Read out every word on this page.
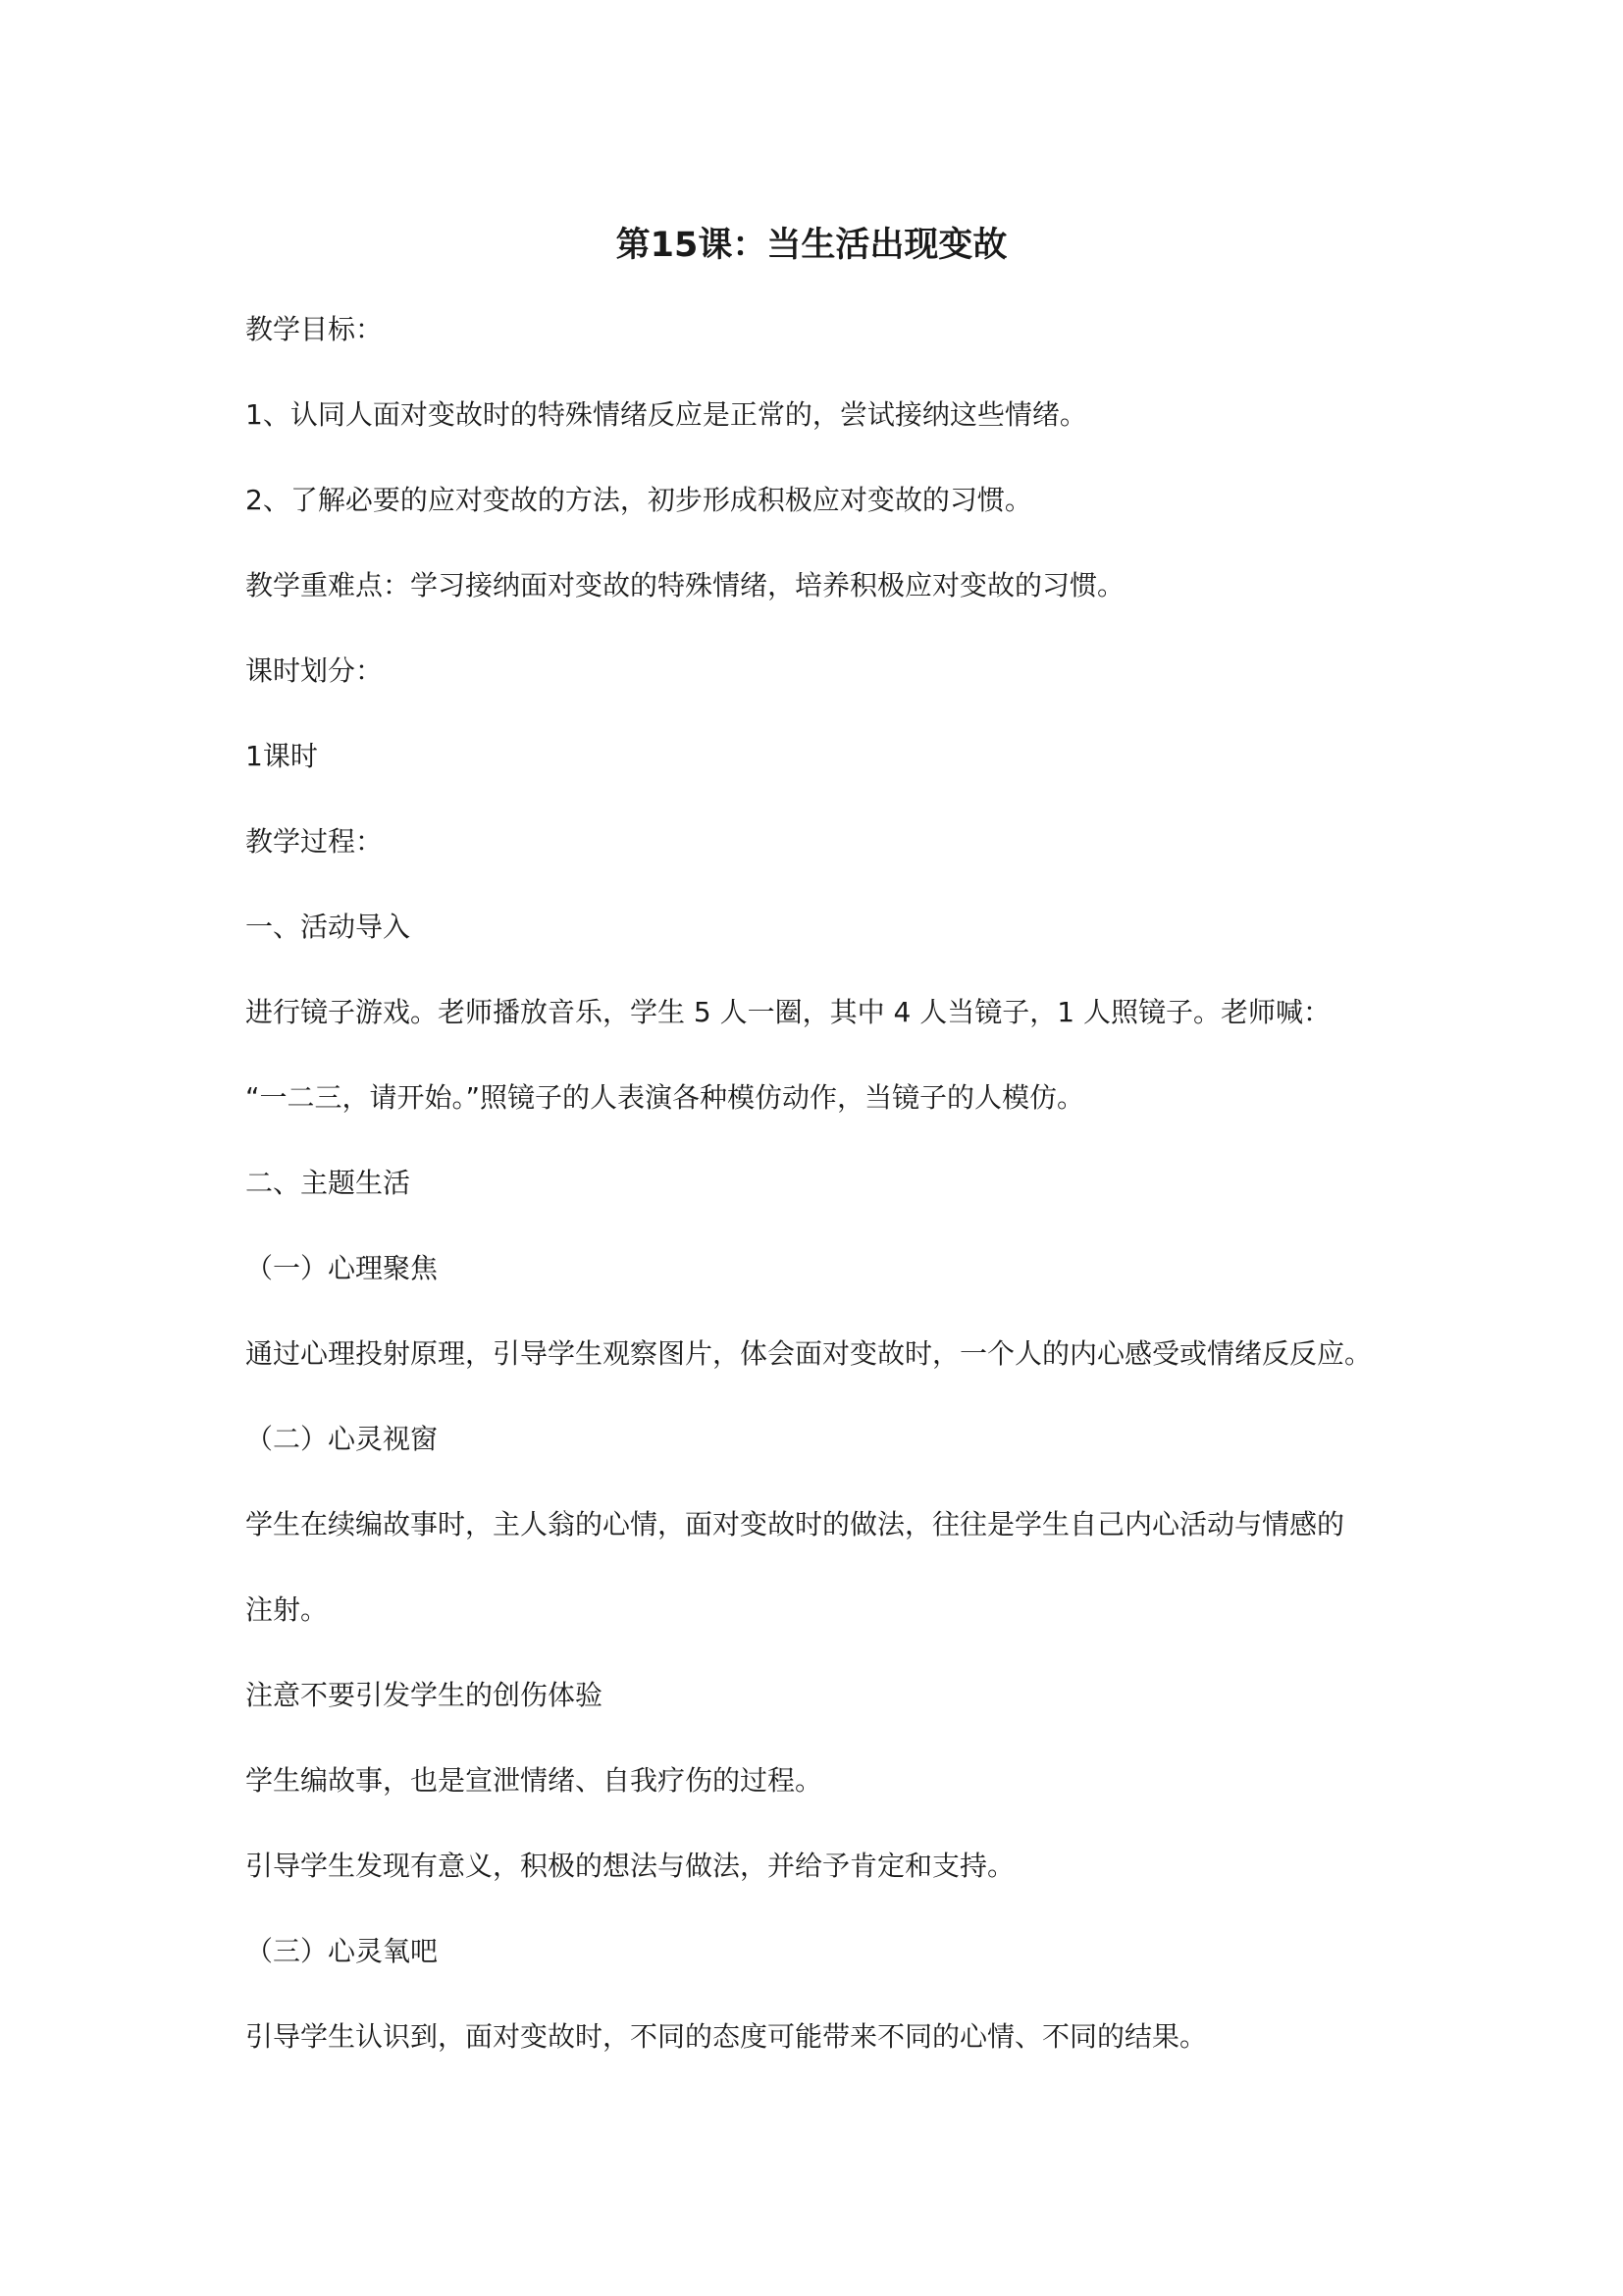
第15课：当生活出现变故

教学目标：

1、认同人面对变故时的特殊情绪反应是正常的，尝试接纳这些情绪。

2、了解必要的应对变故的方法，初步形成积极应对变故的习惯。

教学重难点：学习接纳面对变故的特殊情绪，培养积极应对变故的习惯。

课时划分：

1课时

教学过程：

一、活动导入

进行镜子游戏。老师播放音乐，学生 5 人一圈，其中 4 人当镜子，1 人照镜子。老师喊：

“一二三，请开始。”照镜子的人表演各种模仿动作，当镜子的人模仿。

二、主题生活

（一）心理聚焦

通过心理投射原理，引导学生观察图片，体会面对变故时，一个人的内心感受或情绪反反应。

（二）心灵视窗

学生在续编故事时，主人翁的心情，面对变故时的做法，往往是学生自己内心活动与情感的

注射。

注意不要引发学生的创伤体验

学生编故事，也是宣泄情绪、自我疗伤的过程。

引导学生发现有意义，积极的想法与做法，并给予肯定和支持。

（三）心灵氧吧

引导学生认识到，面对变故时，不同的态度可能带来不同的心情、不同的结果。
